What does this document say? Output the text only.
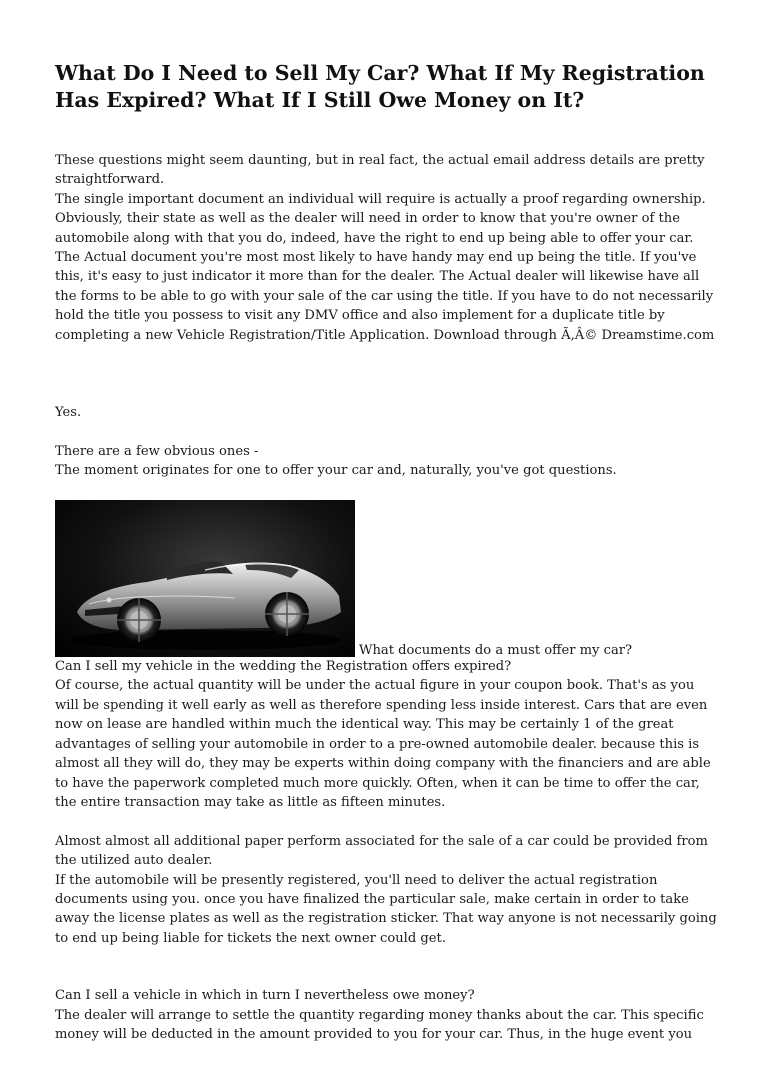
What Do I Need to Sell My Car? What If My Registration Has Expired? What If I Still Owe Money on It?

These questions might seem daunting, but in real fact, the actual email address details are pretty straightforward.

The single important document an individual will require is actually a proof regarding ownership. Obviously, their state as well as the dealer will need in order to know that you're owner of the automobile along with that you do, indeed, have the right to end up being able to offer your car. The Actual document you're most most likely to have handy may end up being the title. If you've this, it's easy to just indicator it more than for the dealer. The Actual dealer will likewise have all the forms to be able to go with your sale of the car using the title. If you have to do not necessarily hold the title you possess to visit any DMV office and also implement for a duplicate title by completing a new Vehicle Registration/Title Application. Download through Ã‚Â© Dreamstime.com

Yes.

There are a few obvious ones -

The moment originates for one to offer your car and, naturally, you've got questions.

What documents do a must offer my car?

Can I sell my vehicle in the wedding the Registration offers expired?

Of course, the actual quantity will be under the actual figure in your coupon book. That's as you will be spending it well early as well as therefore spending less inside interest. Cars that are even now on lease are handled within much the identical way. This may be certainly 1 of the great advantages of selling your automobile in order to a pre-owned automobile dealer. because this is almost all they will do, they may be experts within doing company with the financiers and are able to have the paperwork completed much more quickly. Often, when it can be time to offer the car, the entire transaction may take as little as fifteen minutes.

Almost almost all additional paper perform associated for the sale of a car could be provided from the utilized auto dealer.

If the automobile will be presently registered, you'll need to deliver the actual registration documents using you. once you have finalized the particular sale, make certain in order to take away the license plates as well as the registration sticker. That way anyone is not necessarily going to end up being liable for tickets the next owner could get.

Can I sell a vehicle in which in turn I nevertheless owe money?

The dealer will arrange to settle the quantity regarding money thanks about the car. This specific money will be deducted in the amount provided to you for your car. Thus, in the huge event you
